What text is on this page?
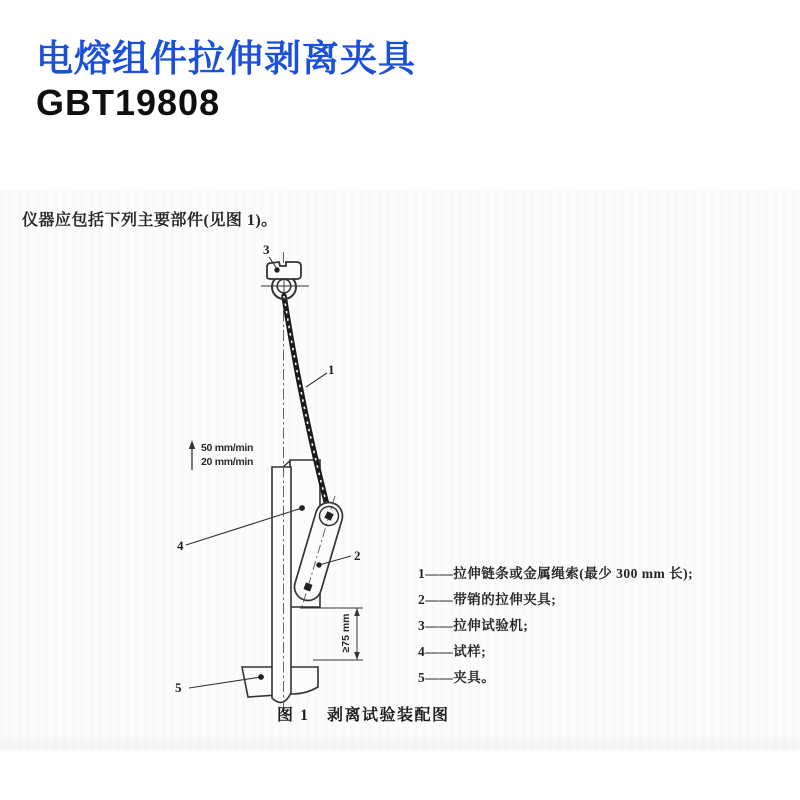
电熔组件拉伸剥离夹具
GBT19808
仪器应包括下列主要部件(见图 1)。
1
2
3
4
5
50 mm/min
20 mm/min
≥75 mm
1——拉伸链条或金属绳索(最少 300 mm 长);
2——带销的拉伸夹具;
3——拉伸试验机;
4——试样;
5——夹具。
图 1　剥离试验装配图
